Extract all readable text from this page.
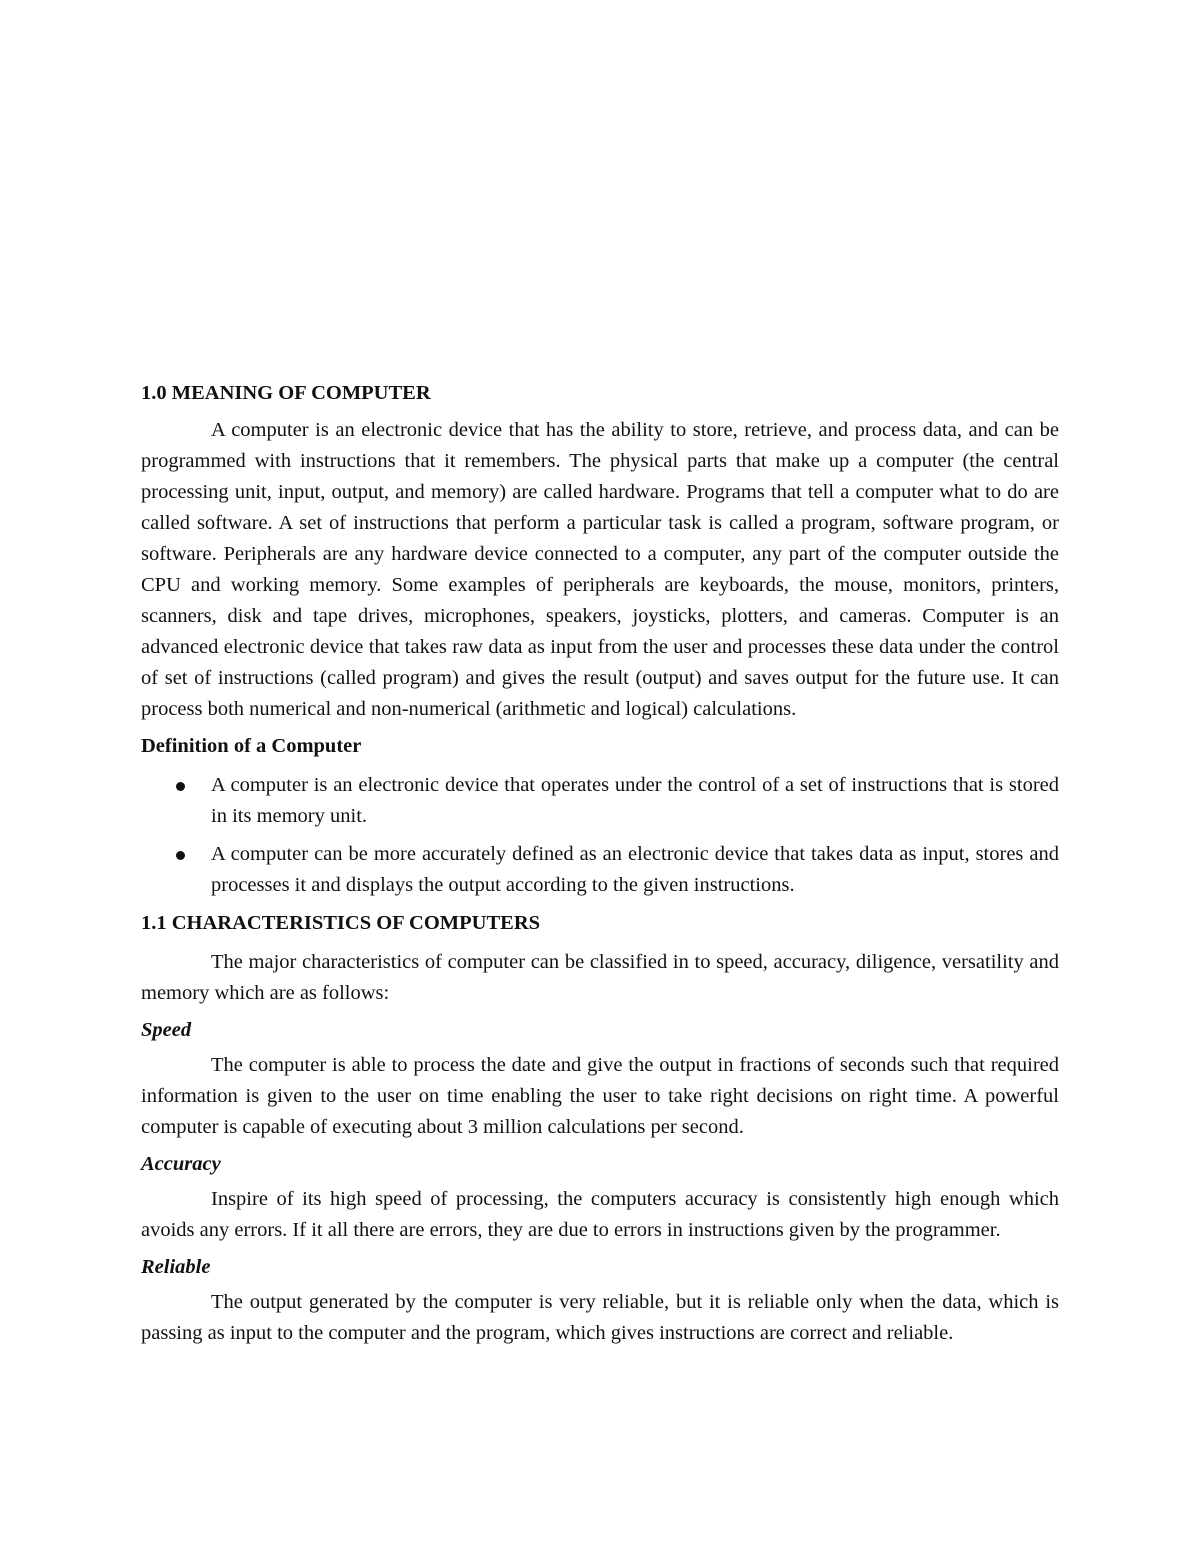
1.0 MEANING OF COMPUTER

A computer is an electronic device that has the ability to store, retrieve, and process data, and can be programmed with instructions that it remembers. The physical parts that make up a computer (the central processing unit, input, output, and memory) are called hardware. Programs that tell a computer what to do are called software. A set of instructions that perform a particular task is called a program, software program, or software. Peripherals are any hardware device connected to a computer, any part of the computer outside the CPU and working memory. Some examples of peripherals are keyboards, the mouse, monitors, printers, scanners, disk and tape drives, microphones, speakers, joysticks, plotters, and cameras. Computer is an advanced electronic device that takes raw data as input from the user and processes these data under the control of set of instructions (called program) and gives the result (output) and saves output for the future use. It can process both numerical and non-numerical (arithmetic and logical) calculations.

Definition of a Computer
A computer is an electronic device that operates under the control of a set of instructions that is stored in its memory unit.
A computer can be more accurately defined as an electronic device that takes data as input, stores and processes it and displays the output according to the given instructions.
1.1 CHARACTERISTICS OF COMPUTERS

The major characteristics of computer can be classified in to speed, accuracy, diligence, versatility and memory which are as follows:

Speed

The computer is able to process the date and give the output in fractions of seconds such that required information is given to the user on time enabling the user to take right decisions on right time. A powerful computer is capable of executing about 3 million calculations per second.

Accuracy

Inspire of its high speed of processing, the computers accuracy is consistently high enough which avoids any errors. If it all there are errors, they are due to errors in instructions given by the programmer.

Reliable

The output generated by the computer is very reliable, but it is reliable only when the data, which is passing as input to the computer and the program, which gives instructions are correct and reliable.
